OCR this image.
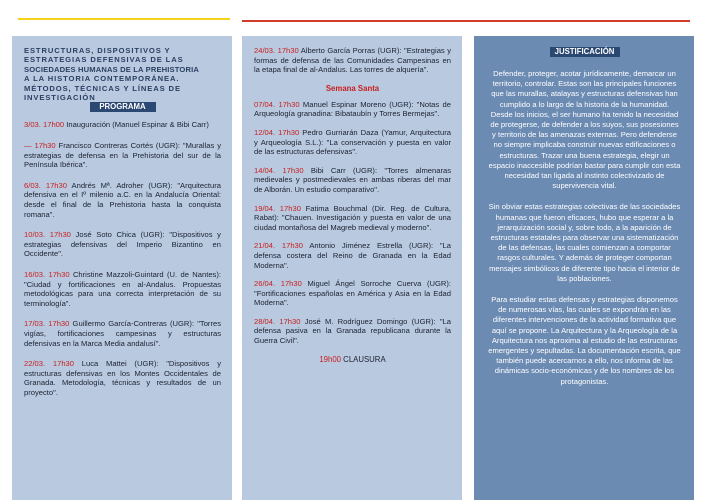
ESTRUCTURAS, DISPOSITIVOS Y
ESTRATEGIAS DEFENSIVAS DE LAS
SOCIEDADES HUMANAS DE LA PREHISTORIA
A LA HISTORIA CONTEMPORÁNEA.
MÉTODOS, TÉCNICAS Y LÍNEAS DE
INVESTIGACIÓN
PROGRAMA

3/03. 17h00 Inauguración (Manuel Espinar & Bibi Carr)

— 17h30 Francisco Contreras Cortés (UGR): "Murallas y estrategias de defensa en la Prehistoria del sur de la Península Ibérica".

6/03. 17h30 Andrés Mª. Adroher (UGR): "Arquitectura defensiva en el Iº milenio a.C. en la Andalucía Oriental: desde el final de la Prehistoria hasta la conquista romana".

10/03. 17h30 José Soto Chica (UGR): "Dispositivos y estrategias defensivas del Imperio Bizantino en Occidente".

16/03. 17h30 Christine Mazzoli-Guintard (U. de Nantes): "Ciudad y fortificaciones en al-Andalus. Propuestas metodológicas para una correcta interpretación de su terminología".

17/03. 17h30 Guillermo García-Contreras (UGR): "Torres vigías, fortificaciones campesinas y estructuras defensivas en la Marca Media andalusí".

22/03. 17h30 Luca Mattei (UGR): "Dispositivos y estructuras defensivas en los Montes Occidentales de Granada. Metodología, técnicas y resultados de un proyecto".

24/03. 17h30 Alberto García Porras (UGR): "Estrategias y formas de defensa de las Comunidades Campesinas en la etapa final de al-Andalus. Las torres de alquería".

Semana Santa

07/04. 17h30 Manuel Espinar Moreno (UGR): "Notas de Arqueología granadina: Bibataubín y Torres Bermejas".

12/04. 17h30 Pedro Gurriarán Daza (Yamur, Arquitectura y Arqueología S.L.): "La conservación y puesta en valor de las estructuras defensivas".

14/04. 17h30 Bibi Carr (UGR): "Torres almenaras medievales y postmedievales en ambas riberas del mar de Alborán. Un estudio comparativo".

19/04. 17h30 Fatima Bouchmal (Dir. Reg. de Cultura, Rabat): "Chauen. Investigación y puesta en valor de una ciudad montañosa del Magreb medieval y moderno".

21/04. 17h30 Antonio Jiménez Estrella (UGR): "La defensa costera del Reino de Granada en la Edad Moderna".

26/04. 17h30 Miguel Ángel Sorroche Cuerva (UGR): "Fortificaciones españolas en América y Asia en la Edad Moderna".

28/04. 17h30 José M. Rodríguez Domingo (UGR): "La defensa pasiva en la Granada republicana durante la Guerra Civil".

19h00 CLAUSURA
JUSTIFICACIÓN

Defender, proteger, acotar jurídicamente, demarcar un territorio, controlar. Estas son las principales funciones que las murallas, atalayas y estructuras defensivas han cumplido a lo largo de la historia de la humanidad. Desde los inicios, el ser humano ha tenido la necesidad de protegerse, de defender a los suyos, sus posesiones y territorio de las amenazas externas. Pero defenderse no siempre implicaba construir nuevas edificaciones o estructuras. Trazar una buena estrategia, elegir un espacio inaccesible podrían bastar para cumplir con esta necesidad tan ligada al instinto colectivizado de supervivencia vital.

Sin obviar estas estrategias colectivas de las sociedades humanas que fueron eficaces, hubo que esperar a la jerarquización social y, sobre todo, a la aparición de estructuras estatales para observar una sistematización de las defensas, las cuales comienzan a comportar rasgos culturales. Y además de proteger comportan mensajes simbólicos de diferente tipo hacia el interior de las poblaciones.

Para estudiar estas defensas y estrategias disponemos de numerosas vías, las cuales se expondrán en las diferentes intervenciones de la actividad formativa que aquí se propone. La Arquitectura y la Arqueología de la Arquitectura nos aproxima al estudio de las estructuras emergentes y sepultadas. La documentación escrita, que también puede acercarnos a ello, nos informa de las dinámicas socio-económicas y de los nombres de los protagonistas.
